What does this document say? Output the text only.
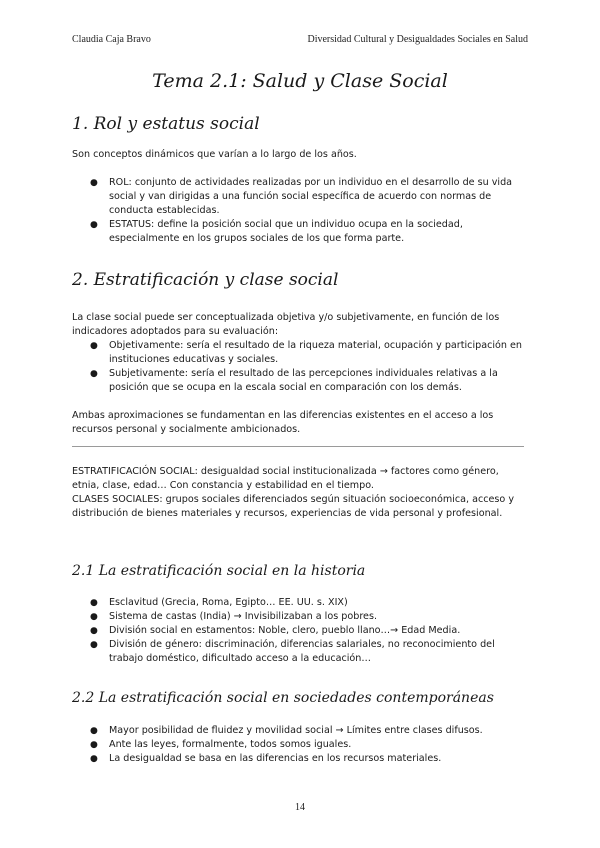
Claudia Caja Bravo	Diversidad Cultural y Desigualdades Sociales en Salud
Tema 2.1: Salud y Clase Social
1. Rol y estatus social

Son conceptos dinámicos que varían a lo largo de los años.

● ROL: conjunto de actividades realizadas por un individuo en el desarrollo de su vida social y van dirigidas a una función social específica de acuerdo con normas de conducta establecidas.
● ESTATUS: define la posición social que un individuo ocupa en la sociedad, especialmente en los grupos sociales de los que forma parte.
2. Estratificación y clase social

La clase social puede ser conceptualizada objetiva y/o subjetivamente, en función de los indicadores adoptados para su evaluación:

● Objetivamente: sería el resultado de la riqueza material, ocupación y participación en instituciones educativas y sociales.
● Subjetivamente: sería el resultado de las percepciones individuales relativas a la posición que se ocupa en la escala social en comparación con los demás.

Ambas aproximaciones se fundamentan en las diferencias existentes en el acceso a los recursos personal y socialmente ambicionados.

ESTRATIFICACIÓN SOCIAL: desigualdad social institucionalizada → factores como género, etnia, clase, edad… Con constancia y estabilidad en el tiempo.

CLASES SOCIALES: grupos sociales diferenciados según situación socioeconómica, acceso y distribución de bienes materiales y recursos, experiencias de vida personal y profesional.

2.1 La estratificación social en la historia
● Esclavitud (Grecia, Roma, Egipto… EE. UU. s. XIX)
● Sistema de castas (India) → Invisibilizaban a los pobres.
● División social en estamentos: Noble, clero, pueblo llano…→ Edad Media.
● División de género: discriminación, diferencias salariales, no reconocimiento del trabajo doméstico, dificultado acceso a la educación…
2.2 La estratificación social en sociedades contemporáneas
● Mayor posibilidad de fluidez y movilidad social → Límites entre clases difusos.
● Ante las leyes, formalmente, todos somos iguales.
● La desigualdad se basa en las diferencias en los recursos materiales.
14
